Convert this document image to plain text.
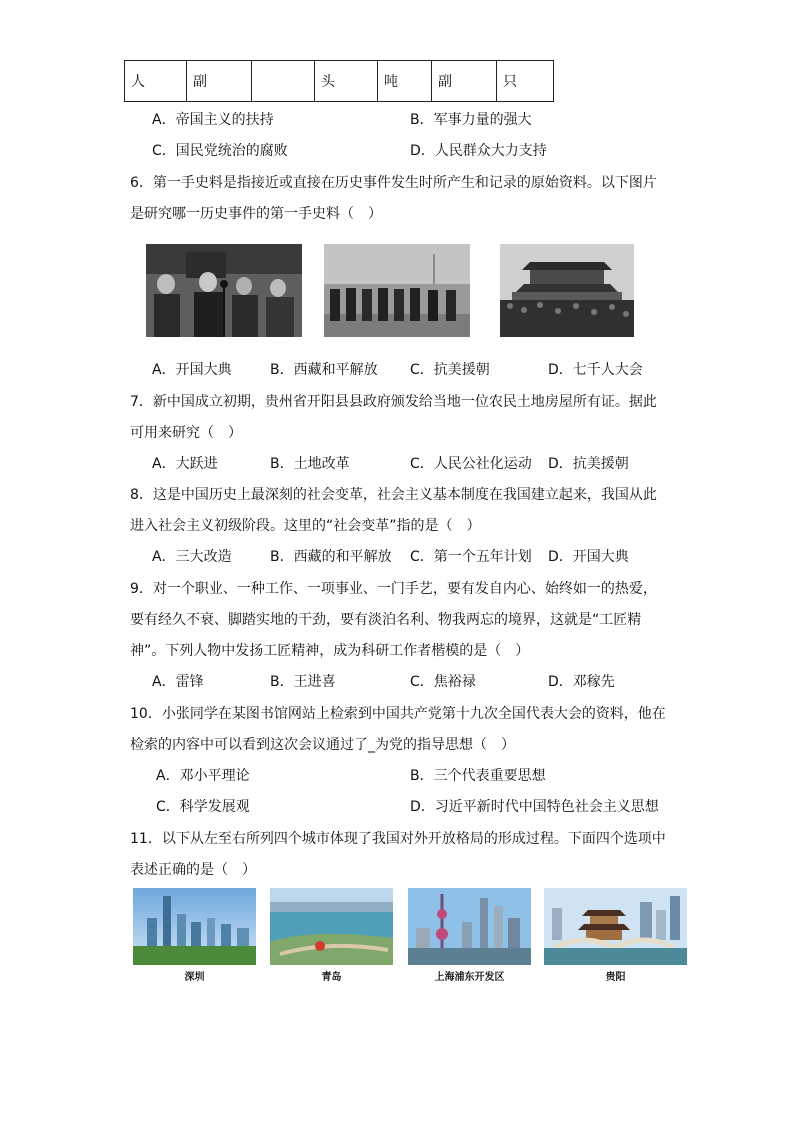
人	副		头	吨	副	只
A．帝国主义的扶持	B．军事力量的强大
C．国民党统治的腐败	D．人民群众大力支持
6．第一手史料是指接近或直接在历史事件发生时所产生和记录的原始资料。以下图片
是研究哪一历史事件的第一手史料（　）
A．开国大典	B．西藏和平解放 C．抗美援朝	D．七千人大会
7．新中国成立初期，贵州省开阳县县政府颁发给当地一位农民土地房屋所有证。据此
可用来研究（　）
A．大跃进	B．土地改革	C．人民公社化运动 D．抗美援朝
8．这是中国历史上最深刻的社会变革，社会主义基本制度在我国建立起来，我国从此
进入社会主义初级阶段。这里的“社会变革”指的是（　）
A．三大改造	B．西藏的和平解放 C．第一个五年计划 D．开国大典
9．对一个职业、一种工作、一项事业、一门手艺，要有发自内心、始终如一的热爱，
要有经久不衰、脚踏实地的干劲，要有淡泊名利、物我两忘的境界，这就是“工匠精
神”。下列人物中发扬工匠精神，成为科研工作者楷模的是（　）
A．雷锋	B．王进喜	C．焦裕禄	D．邓稼先
10．小张同学在某图书馆网站上检索到中国共产党第十九次全国代表大会的资料，他在
检索的内容中可以看到这次会议通过了_为党的指导思想（　）
A．邓小平理论	B．三个代表重要思想
C．科学发展观	D．习近平新时代中国特色社会主义思想
11．以下从左至右所列四个城市体现了我国对外开放格局的形成过程。下面四个选项中
表述正确的是（　）
深圳	青岛	上海浦东开发区	贵阳
